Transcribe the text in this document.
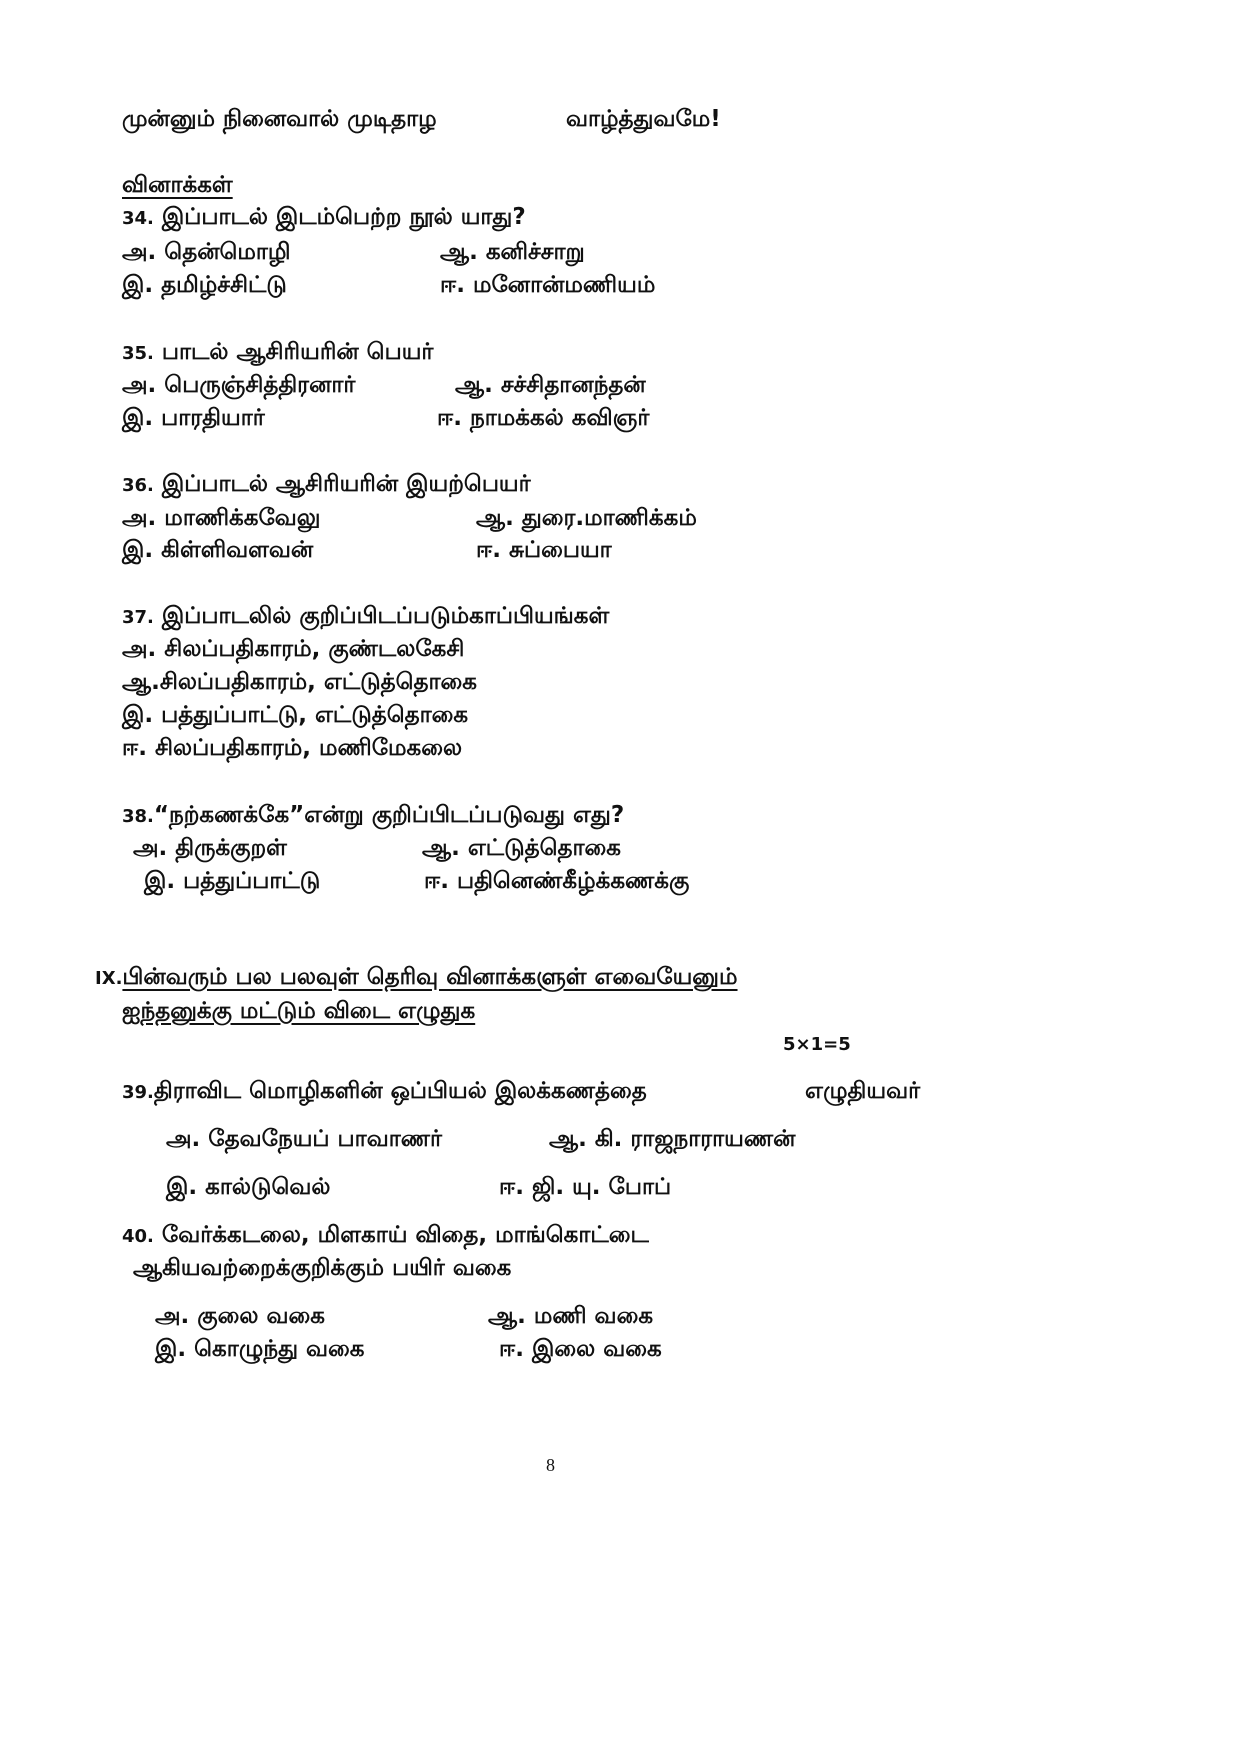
முன்னும் நினைவால் முடிதாழ	வாழ்த்துவமே!
வினாக்கள்
34. இப்பாடல் இடம்பெற்ற நூல் யாது?
அ. தென்மொழி	ஆ. கனிச்சாறு
இ. தமிழ்ச்சிட்டு	ஈ. மனோன்மணியம்
35. பாடல் ஆசிரியரின் பெயர்
அ. பெருஞ்சித்திரனார்	ஆ. சச்சிதானந்தன்
இ. பாரதியார்	ஈ. நாமக்கல் கவிஞர்
36. இப்பாடல் ஆசிரியரின் இயற்பெயர்
அ. மாணிக்கவேலு	ஆ. துரை.மாணிக்கம்
இ. கிள்ளிவளவன்	ஈ. சுப்பையா
37. இப்பாடலில் குறிப்பிடப்படும்காப்பியங்கள்
அ. சிலப்பதிகாரம், குண்டலகேசி
ஆ.சிலப்பதிகாரம், எட்டுத்தொகை
இ. பத்துப்பாட்டு, எட்டுத்தொகை
ஈ. சிலப்பதிகாரம், மணிமேகலை
38.“நற்கணக்கே”என்று குறிப்பிடப்படுவது எது?
அ. திருக்குறள்	ஆ. எட்டுத்தொகை
இ. பத்துப்பாட்டு	ஈ. பதினெண்கீழ்க்கணக்கு
IX.பின்வரும் பல பலவுள் தெரிவு வினாக்களுள் எவையேனும்
ஐந்தனுக்கு மட்டும் விடை எழுதுக
5×1=5
39.திராவிட மொழிகளின் ஒப்பியல் இலக்கணத்தை	எழுதியவர்
அ. தேவநேயப் பாவாணர்	ஆ. கி. ராஜநாராயணன்
இ. கால்டுவெல்	ஈ. ஜி. யு. போப்
40. வேர்க்கடலை, மிளகாய் விதை, மாங்கொட்டை
ஆகியவற்றைக்குறிக்கும் பயிர் வகை
அ. குலை வகை	ஆ. மணி வகை
இ. கொழுந்து வகை	ஈ. இலை வகை
8
